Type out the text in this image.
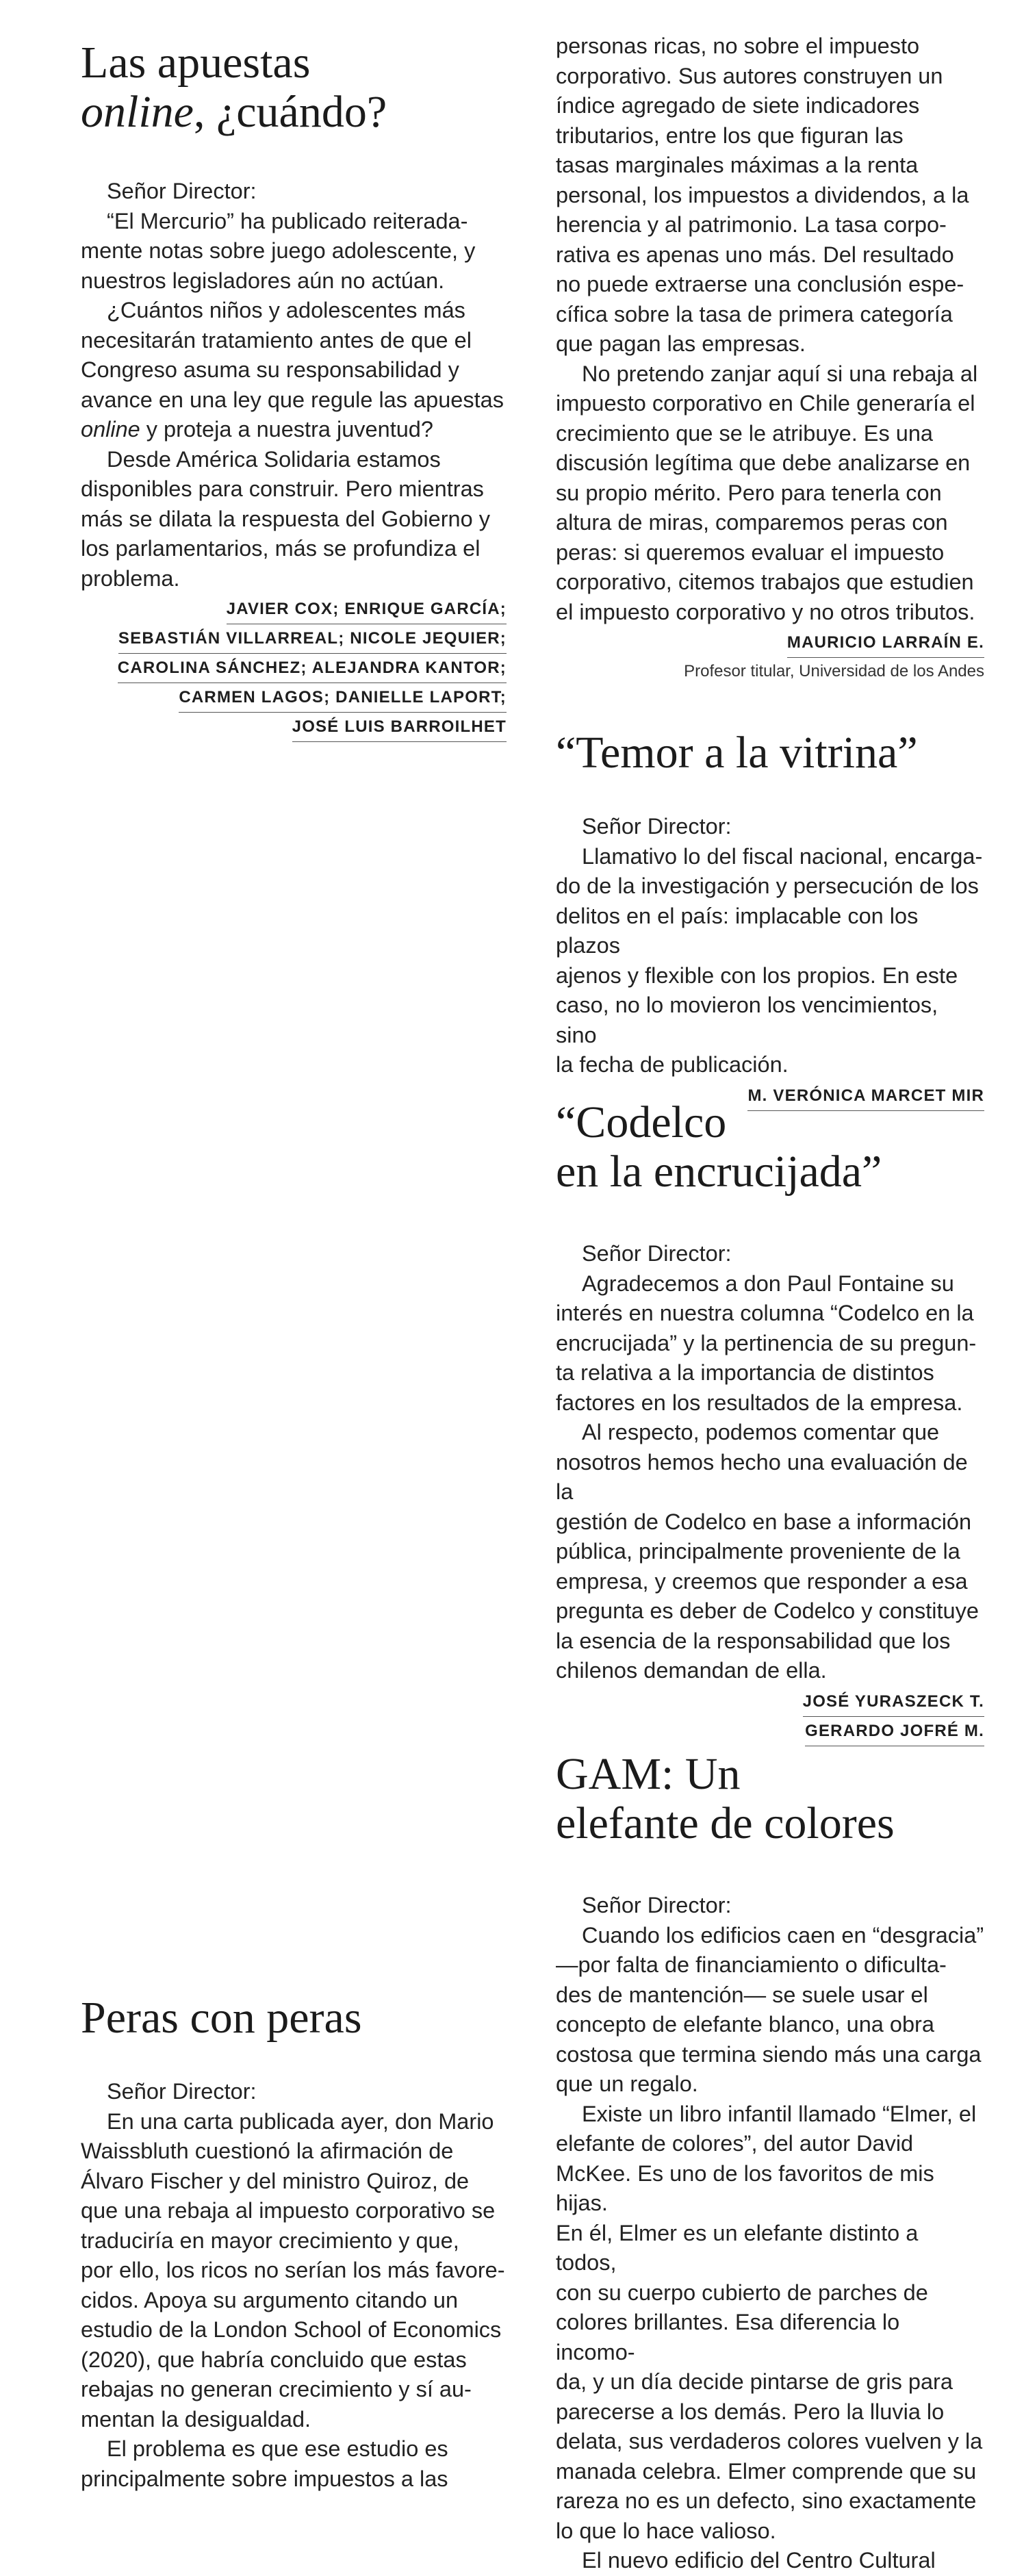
Las apuestas
online, ¿cuándo?

Señor Director:

“El Mercurio” ha publicado reiterada-
mente notas sobre juego adolescente, y
nuestros legisladores aún no actúan.

¿Cuántos niños y adolescentes más
necesitarán tratamiento antes de que el
Congreso asuma su responsabilidad y
avance en una ley que regule las apuestas
online y proteja a nuestra juventud?

Desde América Solidaria estamos
disponibles para construir. Pero mientras
más se dilata la respuesta del Gobierno y
los parlamentarios, más se profundiza el
problema.

JAVIER COX; ENRIQUE GARCÍA;
SEBASTIÁN VILLARREAL; NICOLE JEQUIER;
CAROLINA SÁNCHEZ; ALEJANDRA KANTOR;
CARMEN LAGOS; DANIELLE LAPORT;
JOSÉ LUIS BARROILHET
Peras con peras

Señor Director:

En una carta publicada ayer, don Mario
Waissbluth cuestionó la afirmación de
Álvaro Fischer y del ministro Quiroz, de
que una rebaja al impuesto corporativo se
traduciría en mayor crecimiento y que,
por ello, los ricos no serían los más favore-
cidos. Apoya su argumento citando un
estudio de la London School of Economics
(2020), que habría concluido que estas
rebajas no generan crecimiento y sí au-
mentan la desigualdad.

El problema es que ese estudio es
principalmente sobre impuestos a las

personas ricas, no sobre el impuesto
corporativo. Sus autores construyen un
índice agregado de siete indicadores
tributarios, entre los que figuran las
tasas marginales máximas a la renta
personal, los impuestos a dividendos, a la
herencia y al patrimonio. La tasa corpo-
rativa es apenas uno más. Del resultado
no puede extraerse una conclusión espe-
cífica sobre la tasa de primera categoría
que pagan las empresas.

No pretendo zanjar aquí si una rebaja al
impuesto corporativo en Chile generaría el
crecimiento que se le atribuye. Es una
discusión legítima que debe analizarse en
su propio mérito. Pero para tenerla con
altura de miras, comparemos peras con
peras: si queremos evaluar el impuesto
corporativo, citemos trabajos que estudien
el impuesto corporativo y no otros tributos.

MAURICIO LARRAÍN E.
Profesor titular, Universidad de los Andes
“Temor a la vitrina”

Señor Director:

Llamativo lo del fiscal nacional, encarga-
do de la investigación y persecución de los
delitos en el país: implacable con los plazos
ajenos y flexible con los propios. En este
caso, no lo movieron los vencimientos, sino
la fecha de publicación.

M. VERÓNICA MARCET MIR
“Codelco
en la encrucijada”

Señor Director:

Agradecemos a don Paul Fontaine su
interés en nuestra columna “Codelco en la
encrucijada” y la pertinencia de su pregun-
ta relativa a la importancia de distintos
factores en los resultados de la empresa.

Al respecto, podemos comentar que
nosotros hemos hecho una evaluación de la
gestión de Codelco en base a información
pública, principalmente proveniente de la
empresa, y creemos que responder a esa
pregunta es deber de Codelco y constituye
la esencia de la responsabilidad que los
chilenos demandan de ella.

JOSÉ YURASZECK T.
GERARDO JOFRÉ M.
GAM: Un
elefante de colores

Señor Director:

Cuando los edificios caen en “desgracia”
—por falta de financiamiento o dificulta-
des de mantención— se suele usar el
concepto de elefante blanco, una obra
costosa que termina siendo más una carga
que un regalo.

Existe un libro infantil llamado “Elmer, el
elefante de colores”, del autor David
McKee. Es uno de los favoritos de mis hijas.
En él, Elmer es un elefante distinto a todos,
con su cuerpo cubierto de parches de
colores brillantes. Esa diferencia lo incomo-
da, y un día decide pintarse de gris para
parecerse a los demás. Pero la lluvia lo
delata, sus verdaderos colores vuelven y la
manada celebra. Elmer comprende que su
rareza no es un defecto, sino exactamente
lo que lo hace valioso.

El nuevo edificio del Centro Cultural
